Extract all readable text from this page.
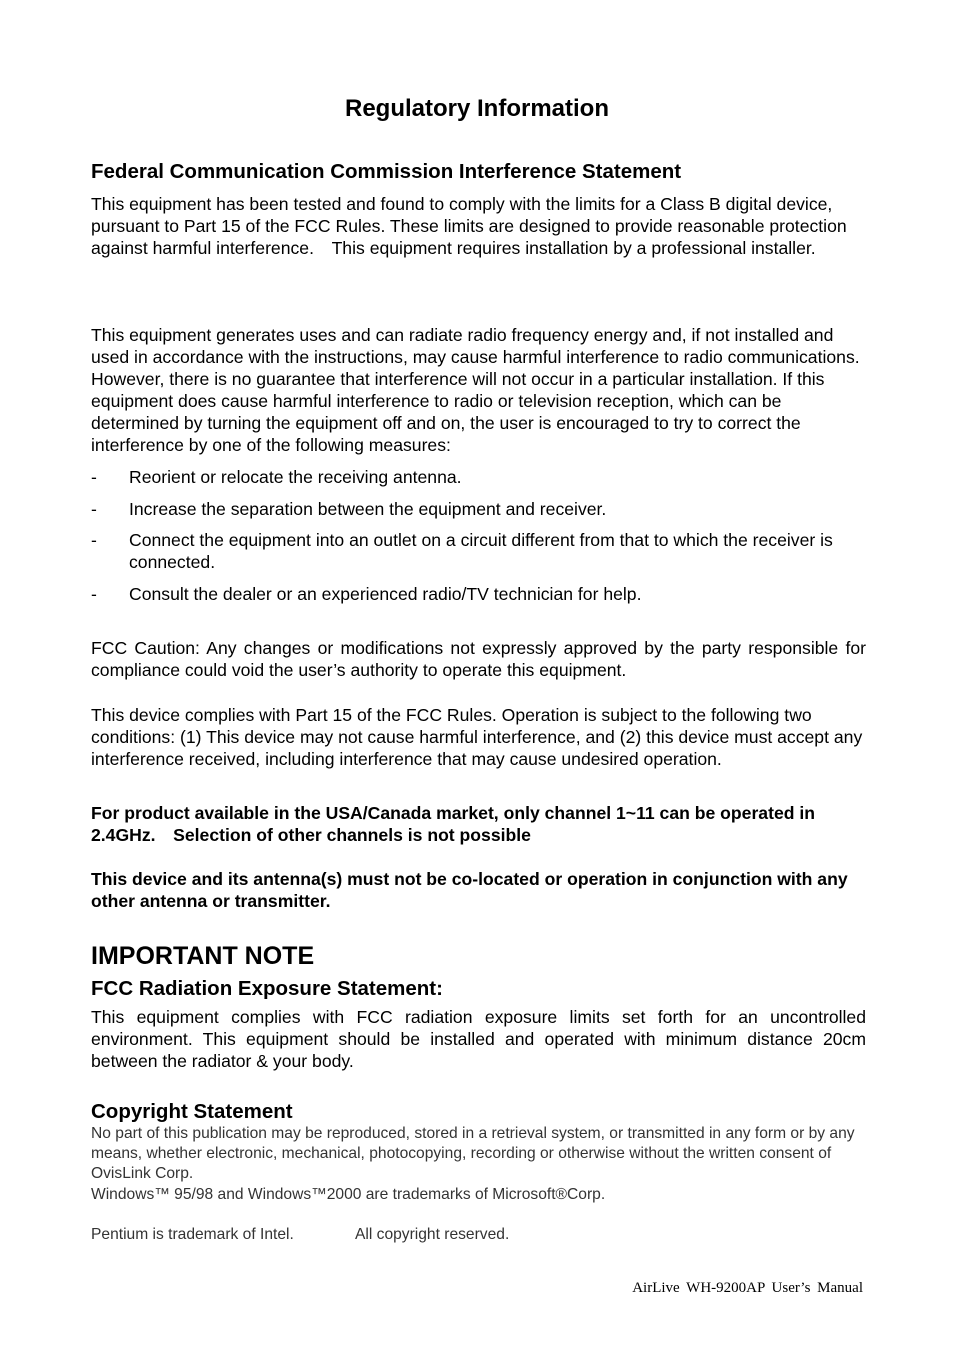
Regulatory Information
Federal Communication Commission Interference Statement

This equipment has been tested and found to comply with the limits for a Class B digital device, pursuant to Part 15 of the FCC Rules. These limits are designed to provide reasonable protection against harmful interference.　This equipment requires installation by a professional installer.

This equipment generates uses and can radiate radio frequency energy and, if not installed and used in accordance with the instructions, may cause harmful interference to radio communications. However, there is no guarantee that interference will not occur in a particular installation. If this equipment does cause harmful interference to radio or television reception, which can be determined by turning the equipment off and on, the user is encouraged to try to correct the interference by one of the following measures:

- Reorient or relocate the receiving antenna.
- Increase the separation between the equipment and receiver.
- Connect the equipment into an outlet on a circuit different from that to which the receiver is connected.
- Consult the dealer or an experienced radio/TV technician for help.

FCC Caution: Any changes or modifications not expressly approved by the party responsible for compliance could void the user’s authority to operate this equipment.

This device complies with Part 15 of the FCC Rules. Operation is subject to the following two conditions: (1) This device may not cause harmful interference, and (2) this device must accept any interference received, including interference that may cause undesired operation.

For product available in the USA/Canada market, only channel 1~11 can be operated in 2.4GHz.　Selection of other channels is not possible

This device and its antenna(s) must not be co-located or operation in conjunction with any other antenna or transmitter.

IMPORTANT NOTE
FCC Radiation Exposure Statement:

This equipment complies with FCC radiation exposure limits set forth for an uncontrolled environment. This equipment should be installed and operated with minimum distance 20cm between the radiator & your body.

Copyright Statement

No part of this publication may be reproduced, stored in a retrieval system, or transmitted in any form or by any means, whether electronic, mechanical, photocopying, recording or otherwise without the written consent of OvisLink Corp.

Windows™ 95/98 and Windows™2000 are trademarks of Microsoft®Corp.

Pentium is trademark of Intel.	All copyright reserved.

AirLive WH-9200AP User’s Manual
